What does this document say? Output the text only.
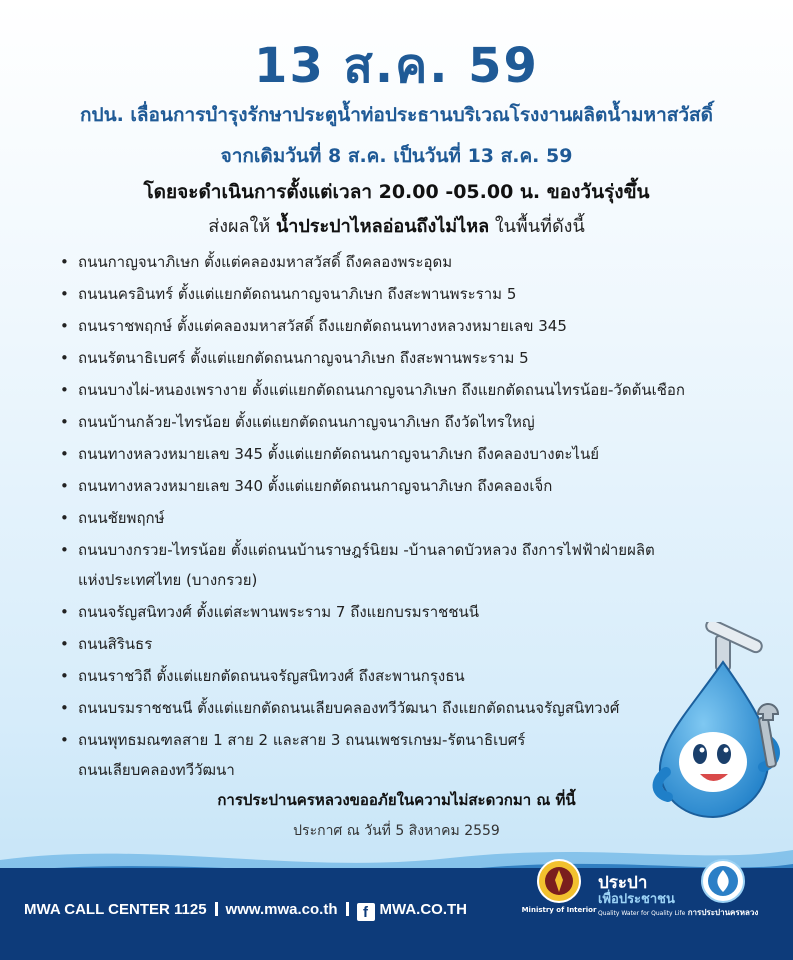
13 ส.ค. 59
กปน. เลื่อนการบำรุงรักษาประตูน้ำท่อประธานบริเวณโรงงานผลิตน้ำมหาสวัสดิ์
จากเดิมวันที่ 8 ส.ค. เป็นวันที่ 13 ส.ค. 59
โดยจะดำเนินการตั้งแต่เวลา 20.00 -05.00 น. ของวันรุ่งขึ้น
ส่งผลให้ น้ำประปาไหลอ่อนถึงไม่ไหล ในพื้นที่ดังนี้
• ถนนกาญจนาภิเษก ตั้งแต่คลองมหาสวัสดิ์ ถึงคลองพระอุดม
• ถนนนครอินทร์ ตั้งแต่แยกตัดถนนกาญจนาภิเษก ถึงสะพานพระราม 5
• ถนนราชพฤกษ์ ตั้งแต่คลองมหาสวัสดิ์ ถึงแยกตัดถนนทางหลวงหมายเลข 345
• ถนนรัตนาธิเบศร์ ตั้งแต่แยกตัดถนนกาญจนาภิเษก ถึงสะพานพระราม 5
• ถนนบางไผ่-หนองเพรางาย ตั้งแต่แยกตัดถนนกาญจนาภิเษก ถึงแยกตัดถนนไทรน้อย-วัดต้นเชือก
• ถนนบ้านกล้วย-ไทรน้อย ตั้งแต่แยกตัดถนนกาญจนาภิเษก ถึงวัดไทรใหญ่
• ถนนทางหลวงหมายเลข 345 ตั้งแต่แยกตัดถนนกาญจนาภิเษก ถึงคลองบางตะไนย์
• ถนนทางหลวงหมายเลข 340 ตั้งแต่แยกตัดถนนกาญจนาภิเษก ถึงคลองเจ็ก
• ถนนชัยพฤกษ์
• ถนนบางกรวย-ไทรน้อย ตั้งแต่ถนนบ้านราษฎร์นิยม -บ้านลาดบัวหลวง ถึงการไฟฟ้าฝ่ายผลิต
แห่งประเทศไทย (บางกรวย)
• ถนนจรัญสนิทวงศ์ ตั้งแต่สะพานพระราม 7 ถึงแยกบรมราชชนนี
• ถนนสิรินธร
• ถนนราชวิถี ตั้งแต่แยกตัดถนนจรัญสนิทวงศ์ ถึงสะพานกรุงธน
• ถนนบรมราชชนนี ตั้งแต่แยกตัดถนนเลียบคลองทวีวัฒนา ถึงแยกตัดถนนจรัญสนิทวงศ์
• ถนนพุทธมณฑลสาย 1 สาย 2 และสาย 3 ถนนเพชรเกษม-รัตนาธิเบศร์
ถนนเลียบคลองทวีวัฒนา
การประปานครหลวงขออภัยในความไม่สะดวกมา ณ ที่นี้
ประกาศ ณ วันที่ 5 สิงหาคม 2559
MWA CALL CENTER 1125 www.mwa.co.th f MWA.CO.TH	Ministry of Interior
ประปา
เพื่อประชาชน
Quality Water for Quality Life การประปานครหลวง
